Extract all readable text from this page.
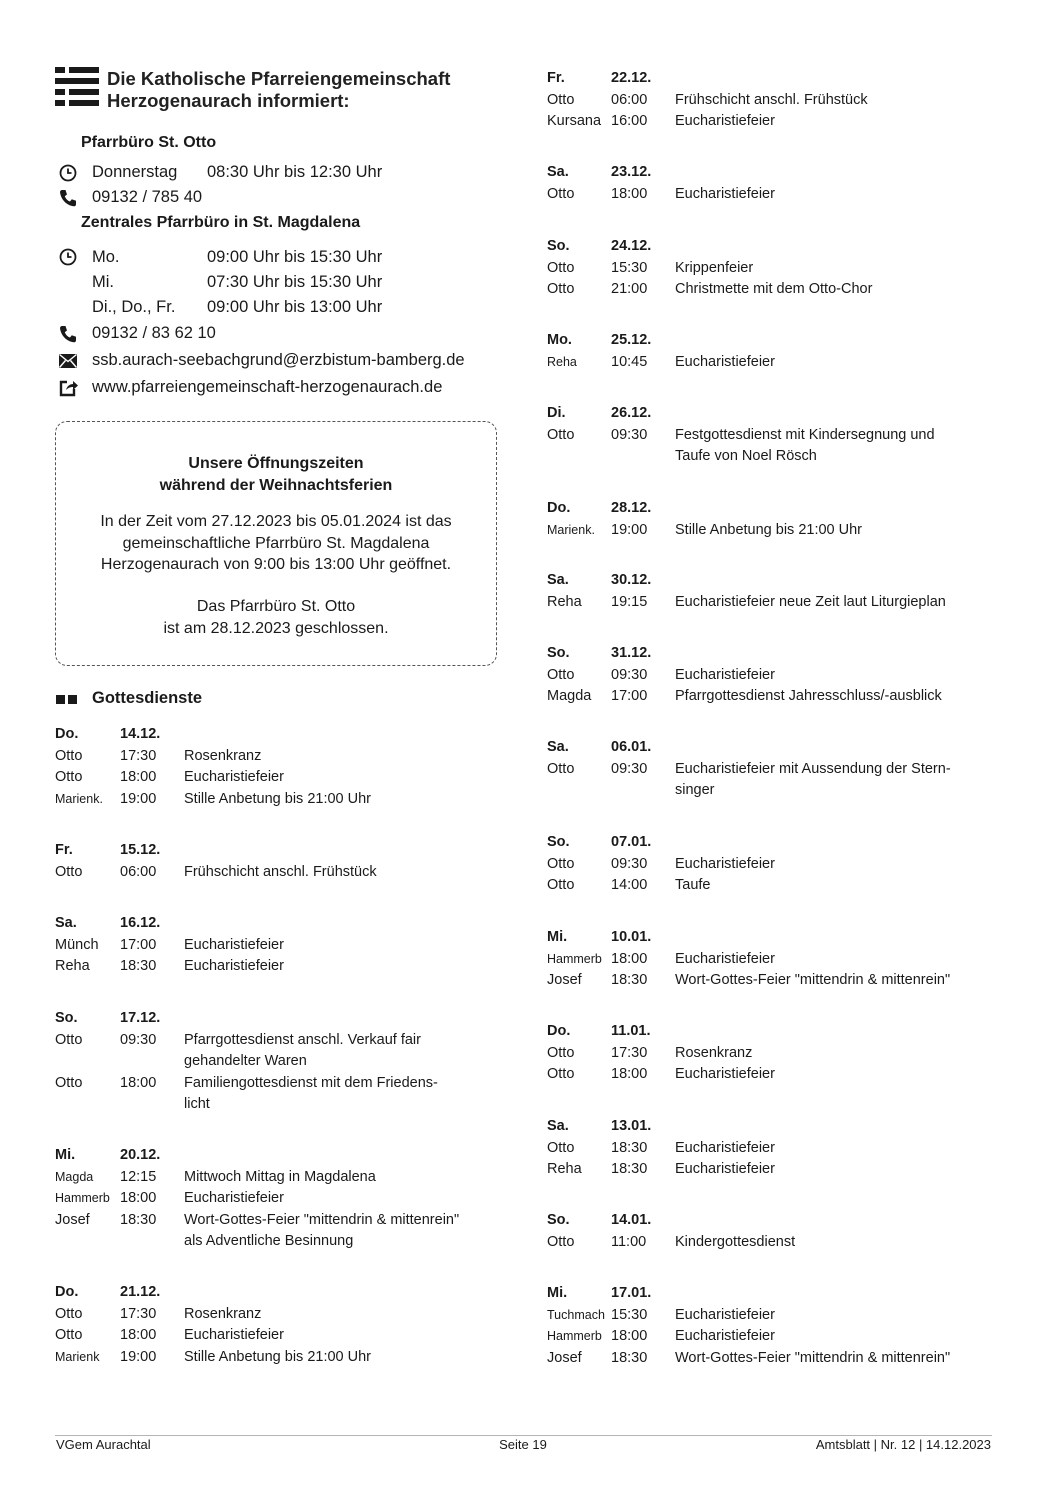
Die Katholische Pfarreiengemeinschaft
Herzogenaurach informiert:
Pfarrbüro St. Otto
Donnerstag 08:30 Uhr bis 12:30 Uhr
09132 / 785 40
Zentrales Pfarrbüro in St. Magdalena
Mo.	09:00 Uhr bis 15:30 Uhr
Mi.	07:30 Uhr bis 15:30 Uhr
Di., Do., Fr. 09:00 Uhr bis 13:00 Uhr
09132 / 83 62 10
ssb.aurach-seebachgrund@erzbistum-bamberg.de
www.pfarreiengemeinschaft-herzogenaurach.de
Unsere Öffnungszeiten
während der Weihnachtsferien
In der Zeit vom 27.12.2023 bis 05.01.2024 ist das
gemeinschaftliche Pfarrbüro St. Magdalena
Herzogenaurach von 9:00 bis 13:00 Uhr geöffnet.
Das Pfarrbüro St. Otto
ist am 28.12.2023 geschlossen.
Gottesdienste
Do.	14.12.
Otto	17:30 Rosenkranz
Otto	18:00 Eucharistiefeier
Marienk. 19:00 Stille Anbetung bis 21:00 Uhr
Fr.	15.12.
Otto	06:00 Frühschicht anschl. Frühstück
Sa.	16.12.
Münch 17:00 Eucharistiefeier
Reha 18:30 Eucharistiefeier
So.	17.12.
Otto	09:30 Pfarrgottesdienst anschl. Verkauf fair
gehandelter Waren
Otto	18:00 Familiengottesdienst mit dem Friedens-
licht
Mi.	20.12.
Magda 12:15 Mittwoch Mittag in Magdalena
Hammerb 18:00 Eucharistiefeier
Josef 18:30 Wort-Gottes-Feier "mittendrin & mittenrein"
als Adventliche Besinnung
Do.	21.12.
Otto	17:30 Rosenkranz
Otto	18:00 Eucharistiefeier
Marienk 19:00 Stille Anbetung bis 21:00 Uhr
Fr.	22.12.
Otto	06:00 Frühschicht anschl. Frühstück
Kursana 16:00 Eucharistiefeier
Sa.	23.12.
Otto	18:00 Eucharistiefeier
So.	24.12.
Otto	15:30 Krippenfeier
Otto	21:00 Christmette mit dem Otto-Chor
Mo.	25.12.
Reha 10:45 Eucharistiefeier
Di.	26.12.
Otto	09:30 Festgottesdienst mit Kindersegnung und
Taufe von Noel Rösch
Do.	28.12.
Marienk. 19:00 Stille Anbetung bis 21:00 Uhr
Sa.	30.12.
Reha 19:15 Eucharistiefeier neue Zeit laut Liturgieplan
So.	31.12.
Otto	09:30 Eucharistiefeier
Magda 17:00 Pfarrgottesdienst Jahresschluss/-ausblick
Sa.	06.01.
Otto	09:30 Eucharistiefeier mit Aussendung der Stern-
singer
So.	07.01.
Otto	09:30 Eucharistiefeier
Otto	14:00 Taufe
Mi.	10.01.
Hammerb 18:00 Eucharistiefeier
Josef 18:30 Wort-Gottes-Feier "mittendrin & mittenrein"
Do.	11.01.
Otto	17:30 Rosenkranz
Otto	18:00 Eucharistiefeier
Sa.	13.01.
Otto	18:30 Eucharistiefeier
Reha 18:30 Eucharistiefeier
So.	14.01.
Otto	11:00 Kindergottesdienst
Mi.	17.01.
Tuchmach 15:30 Eucharistiefeier
Hammerb 18:00 Eucharistiefeier
Josef 18:30 Wort-Gottes-Feier "mittendrin & mittenrein"
VGem Aurachtal	Seite 19	Amtsblatt | Nr. 12 | 14.12.2023
